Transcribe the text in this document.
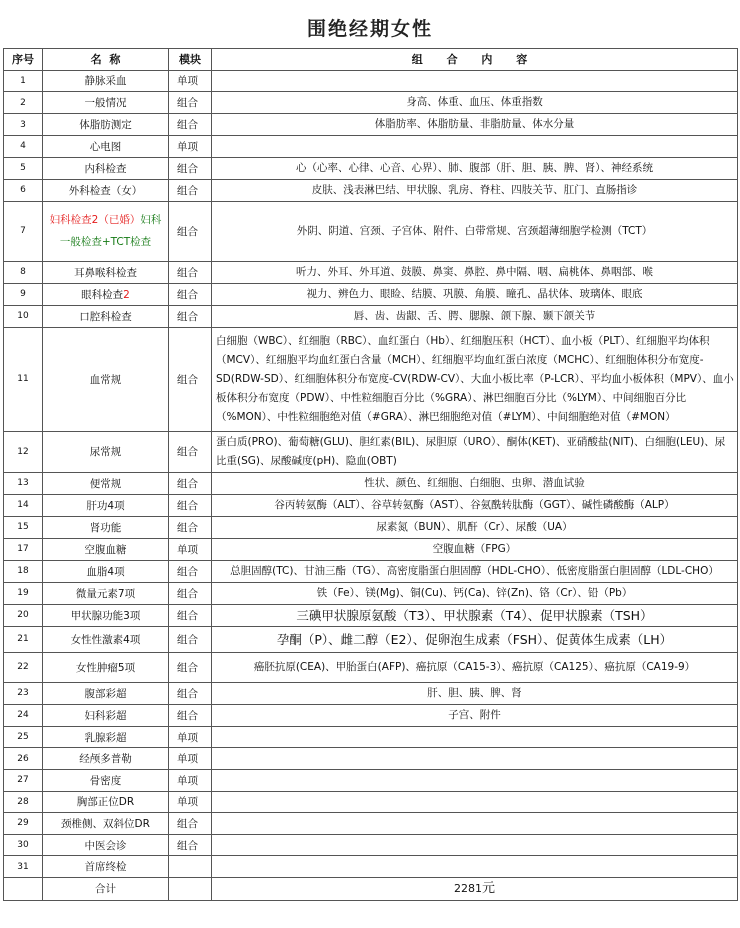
围绝经期女性
序号	名  称	模块	组 合 内 容
1	静脉采血	单项	
2	一般情况	组合	身高、体重、血压、体重指数
3	体脂肪测定	组合	体脂肪率、体脂肪量、非脂肪量、体水分量
4	心电图	单项	
5	内科检查	组合	心（心率、心律、心音、心界）、肺、腹部（肝、胆、胰、脾、肾）、神经系统
6	外科检查（女）	组合	皮肤、浅表淋巴结、甲状腺、乳房、脊柱、四肢关节、肛门、直肠指诊
7	妇科检查2（已婚）妇科一般检查+TCT检查	组合	外阴、阴道、宫颈、子宫体、附件、白带常规、宫颈超薄细胞学检测（TCT）
8	耳鼻喉科检查	组合	听力、外耳、外耳道、鼓膜、鼻窦、鼻腔、鼻中隔、咽、扁桃体、鼻咽部、喉
9	眼科检查2	组合	视力、辨色力、眼睑、结膜、巩膜、角膜、瞳孔、晶状体、玻璃体、眼底
10	口腔科检查	组合	唇、齿、齿龈、舌、腭、腮腺、颌下腺、颞下颌关节
11	血常规	组合	白细胞（WBC）、红细胞（RBC）、血红蛋白（Hb）、红细胞压积（HCT）、血小板（PLT）、红细胞平均体积（MCV）、红细胞平均血红蛋白含量（MCH）、红细胞平均血红蛋白浓度（MCHC）、红细胞体积分布宽度-SD(RDW-SD）、红细胞体积分布宽度-CV(RDW-CV）、大血小板比率（P-LCR）、平均血小板体积（MPV）、血小板体积分布宽度（PDW）、中性粒细胞百分比（%GRA）、淋巴细胞百分比（%LYM）、中间细胞百分比（%MON）、中性粒细胞绝对值（#GRA）、淋巴细胞绝对值（#LYM）、中间细胞绝对值（#MON）
12	尿常规	组合	蛋白质(PRO)、葡萄糖(GLU)、胆红素(BIL)、尿胆原（URO）、酮体(KET)、亚硝酸盐(NIT)、白细胞(LEU)、尿比重(SG)、尿酸碱度(pH)、隐血(OBT)
13	便常规	组合	性状、颜色、红细胞、白细胞、虫卵、潜血试验
14	肝功4项	组合	谷丙转氨酶（ALT）、谷草转氨酶（AST）、谷氨酰转肽酶（GGT）、碱性磷酸酶（ALP）
15	肾功能	组合	尿素氮（BUN）、肌酐（Cr）、尿酸（UA）
17	空腹血糖	单项	空腹血糖（FPG）
18	血脂4项	组合	总胆固醇(TC)、甘油三酯（TG）、高密度脂蛋白胆固醇（HDL-CHO）、低密度脂蛋白胆固醇（LDL-CHO）
19	微量元素7项	组合	铁（Fe）、镁(Mg)、铜(Cu)、钙(Ca)、锌(Zn)、铬（Cr）、铅（Pb）
20	甲状腺功能3项	组合	三碘甲状腺原氨酸（T3）、甲状腺素（T4）、促甲状腺素（TSH）
21	女性性激素4项	组合	孕酮（P）、雌二醇（E2）、促卵泡生成素（FSH）、促黄体生成素（LH）
22	女性肿瘤5项	组合	癌胚抗原(CEA)、甲胎蛋白(AFP)、癌抗原（CA15-3）、癌抗原（CA125）、癌抗原（CA19-9）
23	腹部彩超	组合	肝、胆、胰、脾、肾
24	妇科彩超	组合	子宫、附件
25	乳腺彩超	单项	
26	经颅多普勒	单项	
27	骨密度	单项	
28	胸部正位DR	单项	
29	颈椎侧、双斜位DR	组合	
30	中医会诊	组合	
31	首席终检		
	合计		2281元
